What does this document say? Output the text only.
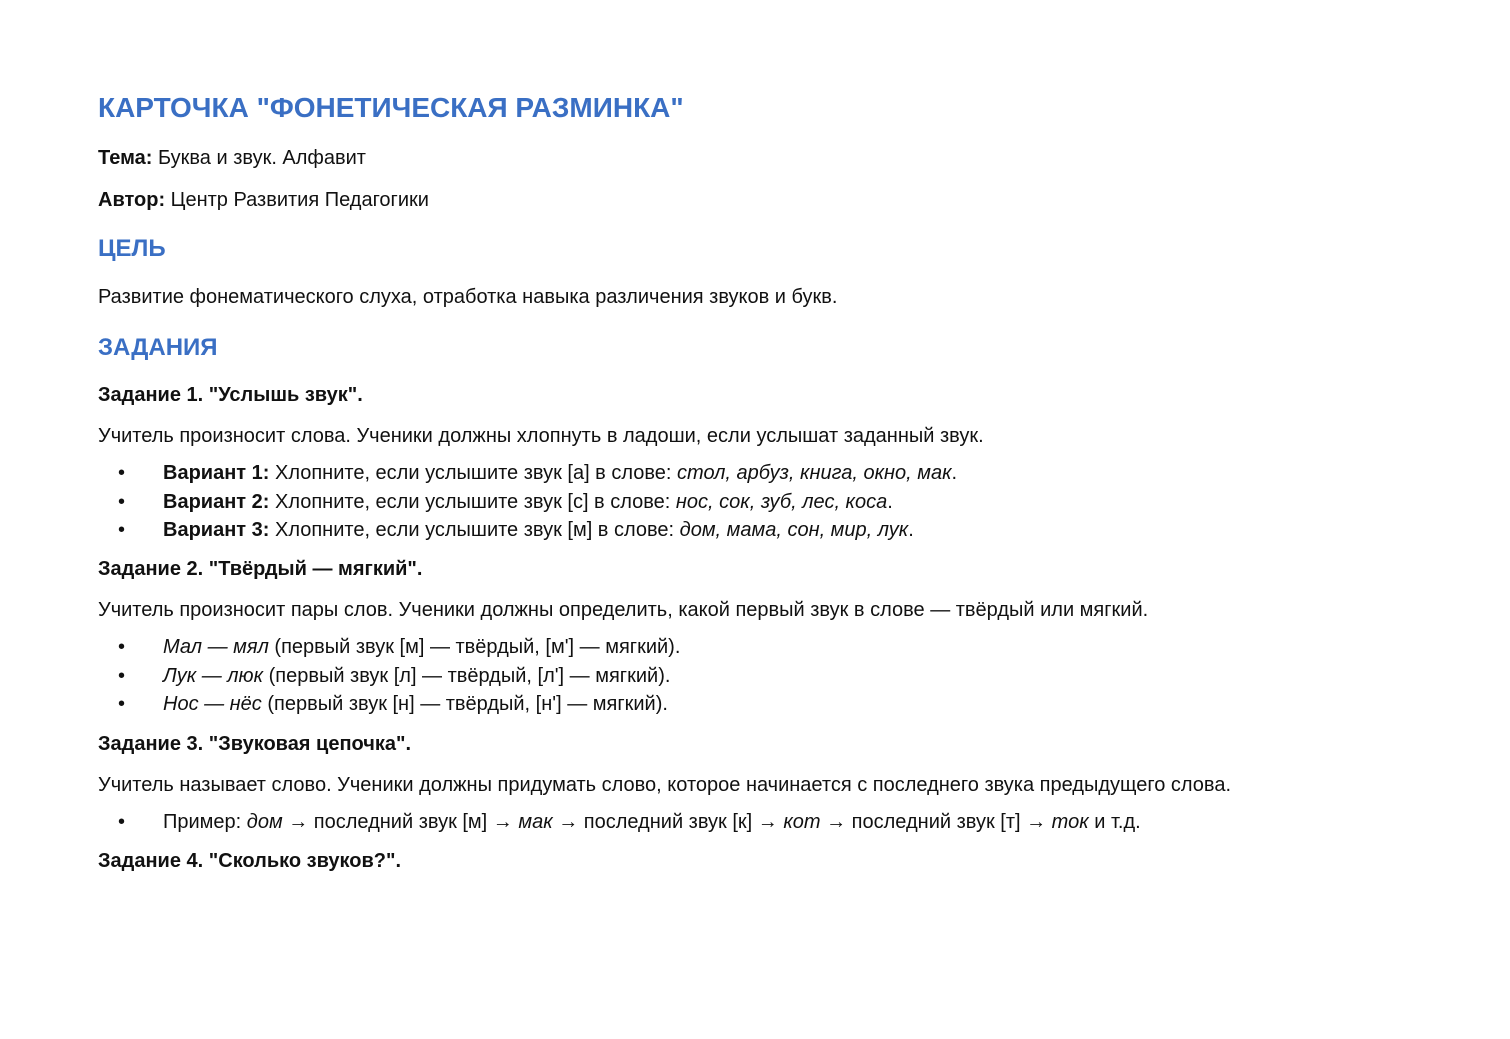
КАРТОЧКА "ФОНЕТИЧЕСКАЯ РАЗМИНКА"

Тема: Буква и звук. Алфавит

Автор: Центр Развития Педагогики

ЦЕЛЬ

Развитие фонематического слуха, отработка навыка различения звуков и букв.

ЗАДАНИЯ

Задание 1. "Услышь звук".

Учитель произносит слова. Ученики должны хлопнуть в ладоши, если услышат заданный звук.

• Вариант 1: Хлопните, если услышите звук [а] в слове: стол, арбуз, книга, окно, мак.
• Вариант 2: Хлопните, если услышите звук [с] в слове: нос, сок, зуб, лес, коса.
• Вариант 3: Хлопните, если услышите звук [м] в слове: дом, мама, сон, мир, лук.

Задание 2. "Твёрдый — мягкий".

Учитель произносит пары слов. Ученики должны определить, какой первый звук в слове — твёрдый или мягкий.

• Мал — мял (первый звук [м] — твёрдый, [м'] — мягкий).
• Лук — люк (первый звук [л] — твёрдый, [л'] — мягкий).
• Нос — нёс (первый звук [н] — твёрдый, [н'] — мягкий).

Задание 3. "Звуковая цепочка".

Учитель называет слово. Ученики должны придумать слово, которое начинается с последнего звука предыдущего слова.

• Пример: дом → последний звук [м] → мак → последний звук [к] → кот → последний звук [т] → ток и т.д.

Задание 4. "Сколько звуков?".
